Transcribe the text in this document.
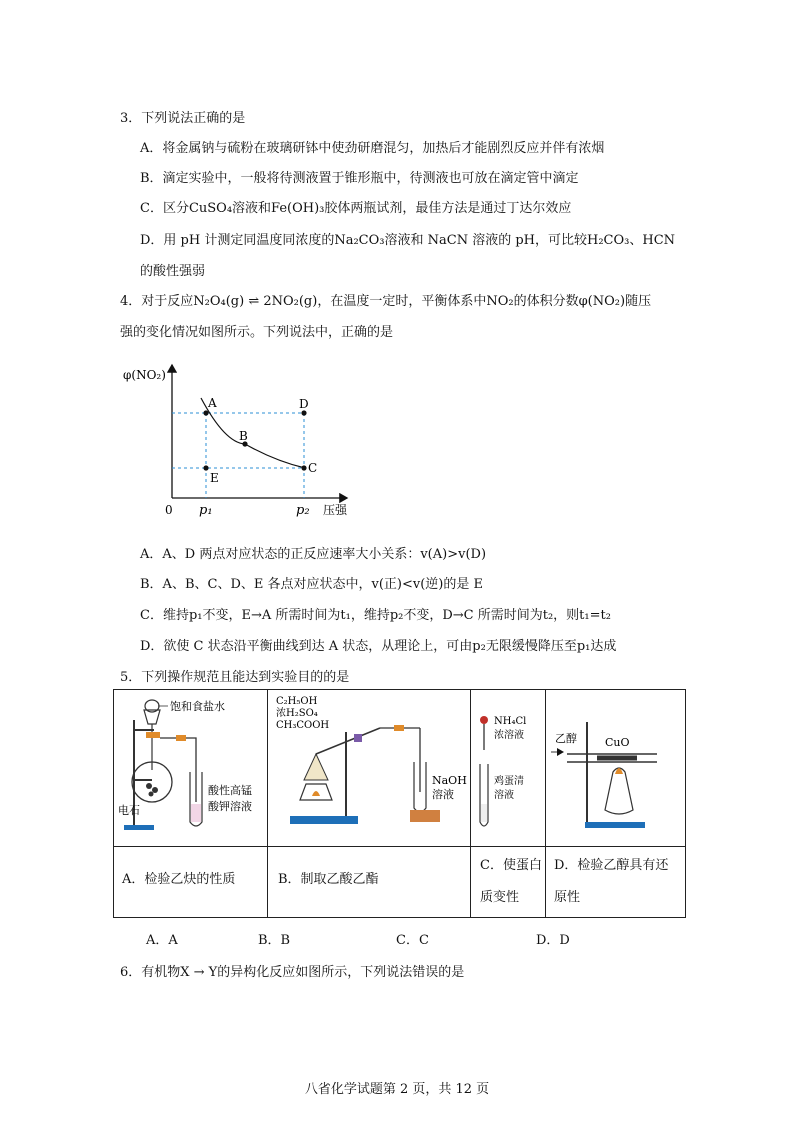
3．下列说法正确的是
A．将金属钠与硫粉在玻璃研钵中使劲研磨混匀，加热后才能剧烈反应并伴有浓烟
B．滴定实验中，一般将待测液置于锥形瓶中，待测液也可放在滴定管中滴定
C．区分CuSO₄溶液和Fe(OH)₃胶体两瓶试剂，最佳方法是通过丁达尔效应
D．用 pH 计测定同温度同浓度的Na₂CO₃溶液和 NaCN 溶液的 pH，可比较H₂CO₃、HCN
的酸性强弱
4．对于反应N₂O₄(g) ⇌ 2NO₂(g)，在温度一定时，平衡体系中NO₂的体积分数φ(NO₂)随压
强的变化情况如图所示。下列说法中，正确的是
φ(NO₂)
A
B
C
D
E
0 p₁	p₂ 压强
A．A、D 两点对应状态的正反应速率大小关系：v(A)>v(D)
B．A、B、C、D、E 各点对应状态中，v(正)<v(逆)的是 E
C．维持p₁不变，E→A 所需时间为t₁，维持p₂不变，D→C 所需时间为t₂，则t₁=t₂
D．欲使 C 状态沿平衡曲线到达 A 状态，从理论上，可由p₂无限缓慢降压至p₁达成
5．下列操作规范且能达到实验目的的是
饱和食盐水
电石
酸性高锰
酸钾溶液
C₂H₅OH
浓H₂SO₄
CH₃COOH
NaOH
溶液
NH₄Cl
浓溶液
鸡蛋清
溶液
乙醇	CuO
A．检验乙炔的性质	B．制取乙酸乙酯
C．使蛋白
质变性
D．检验乙醇具有还
原性
A．A	B．B	C．C	D．D
6．有机物X → Y的异构化反应如图所示，下列说法错误的是
八省化学试题第 2 页，共 12 页
